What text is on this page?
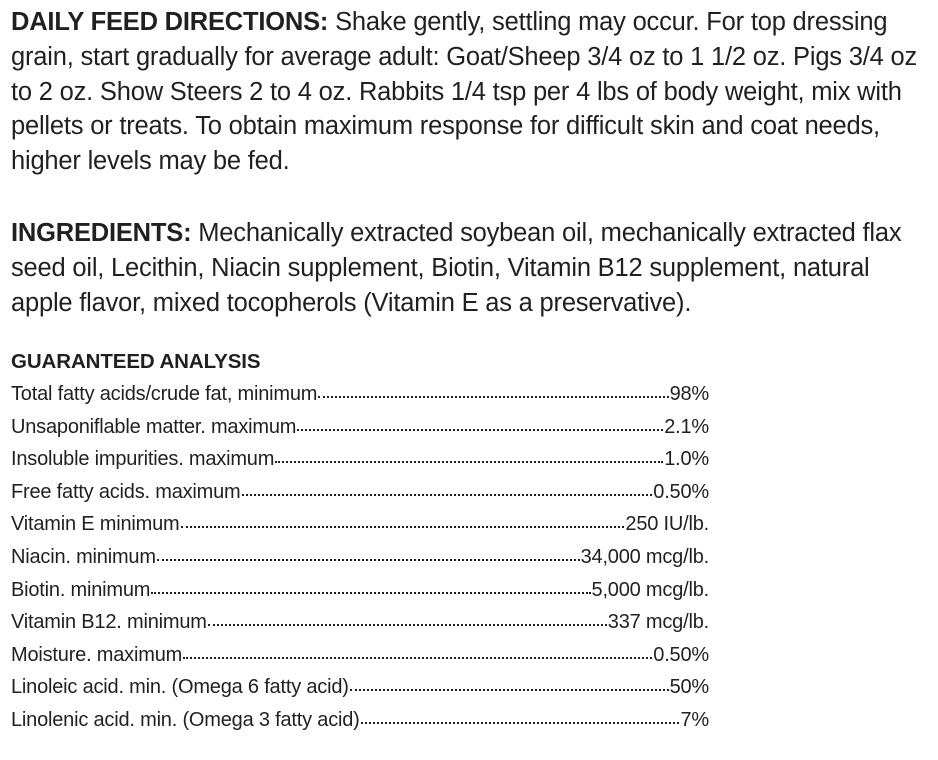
DAILY FEED DIRECTIONS: Shake gently, settling may occur. For top dressing grain, start gradually for average adult: Goat/Sheep 3/4 oz to 1 1/2 oz. Pigs 3/4 oz to 2 oz. Show Steers 2 to 4 oz. Rabbits 1/4 tsp per 4 lbs of body weight, mix with pellets or treats. To obtain maximum response for difficult skin and coat needs, higher levels may be fed.

INGREDIENTS: Mechanically extracted soybean oil, mechanically extracted flax seed oil, Lecithin, Niacin supplement, Biotin, Vitamin B12 supplement, natural apple flavor, mixed tocopherols (Vitamin E as a preservative).

GUARANTEED ANALYSIS
Total fatty acids/crude fat, minimum	98%
Unsaponiflable matter. maximum	2.1%
Insoluble impurities. maximum	1.0%
Free fatty acids. maximum	0.50%
Vitamin E minimum	250 IU/lb.
Niacin. minimum	34,000 mcg/lb.
Biotin. minimum	5,000 mcg/lb.
Vitamin B12. minimum	337 mcg/lb.
Moisture. maximum	0.50%
Linoleic acid. min. (Omega 6 fatty acid)	50%
Linolenic acid. min. (Omega 3 fatty acid)	7%
